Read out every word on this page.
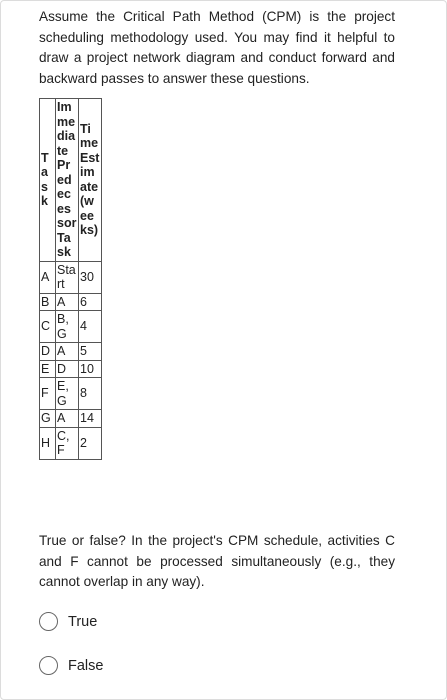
Assume the Critical Path Method (CPM) is the project scheduling methodology used. You may find it helpful to draw a project network diagram and conduct forward and backward passes to answer these questions.

Task	Immediate Predecessor Task	Time Estimate (weeks)
A	Start	30
B	A	6
C	B, G	4
D	A	5
E	D	10
F	E, G	8
G	A	14
H	C, F	2

True or false? In the project's CPM schedule, activities C and F cannot be processed simultaneously (e.g., they cannot overlap in any way).

True
False
